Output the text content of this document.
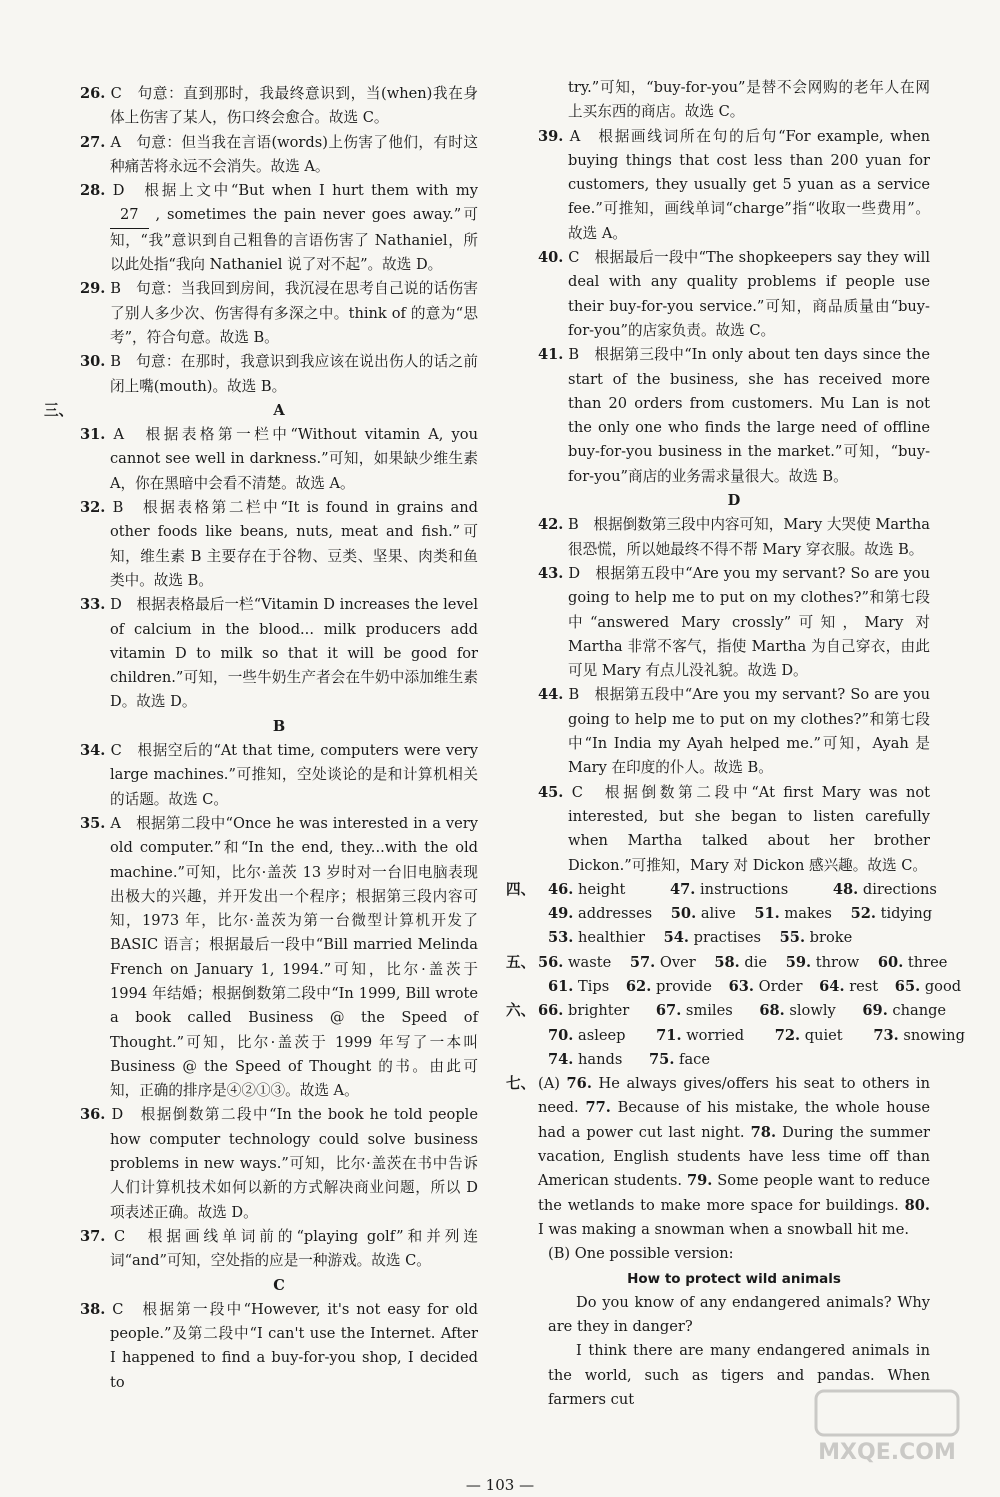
26. C　句意：直到那时，我最终意识到，当(when)我在身体上伤害了某人，伤口终会愈合。故选 C。
27. A　句意：但当我在言语(words)上伤害了他们，有时这种痛苦将永远不会消失。故选 A。
28. D　根据上文中“But when I hurt them with my 27 , sometimes the pain never goes away.”可知，“我”意识到自己粗鲁的言语伤害了 Nathaniel，所以此处指“我向 Nathaniel 说了对不起”。故选 D。
29. B　句意：当我回到房间，我沉浸在思考自己说的话伤害了别人多少次、伤害得有多深之中。think of 的意为“思考”，符合句意。故选 B。
30. B　句意：在那时，我意识到我应该在说出伤人的话之前闭上嘴(mouth)。故选 B。
三、	A
31. A　根据表格第一栏中“Without vitamin A, you cannot see well in darkness.”可知，如果缺少维生素 A，你在黑暗中会看不清楚。故选 A。
32. B　根据表格第二栏中“It is found in grains and other foods like beans, nuts, meat and fish.”可知，维生素 B 主要存在于谷物、豆类、坚果、肉类和鱼类中。故选 B。
33. D　根据表格最后一栏“Vitamin D increases the level of calcium in the blood... milk producers add vitamin D to milk so that it will be good for children.”可知，一些牛奶生产者会在牛奶中添加维生素 D。故选 D。
B
34. C　根据空后的“At that time, computers were very large machines.”可推知，空处谈论的是和计算机相关的话题。故选 C。
35. A　根据第二段中“Once he was interested in a very old computer.”和“In the end, they...with the old machine.”可知，比尔·盖茨 13 岁时对一台旧电脑表现出极大的兴趣，并开发出一个程序；根据第三段内容可知，1973 年，比尔·盖茨为第一台微型计算机开发了 BASIC 语言；根据最后一段中“Bill married Melinda French on January 1, 1994.”可知，比尔·盖茨于 1994 年结婚；根据倒数第二段中“In 1999, Bill wrote a book called Business @ the Speed of Thought.”可知，比尔·盖茨于 1999 年写了一本叫 Business @ the Speed of Thought 的书。由此可知，正确的排序是④②①③。故选 A。
36. D　根据倒数第二段中“In the book he told people how computer technology could solve business problems in new ways.”可知，比尔·盖茨在书中告诉人们计算机技术如何以新的方式解决商业问题，所以 D 项表述正确。故选 D。
37. C　根据画线单词前的“playing golf”和并列连词“and”可知，空处指的应是一种游戏。故选 C。
C
38. C　根据第一段中“However, it's not easy for old people.”及第二段中“I can't use the Internet. After I happened to find a buy-for-you shop, I decided to
try.”可知，“buy-for-you”是替不会网购的老年人在网上买东西的商店。故选 C。
39. A　根据画线词所在句的后句“For example, when buying things that cost less than 200 yuan for customers, they usually get 5 yuan as a service fee.”可推知，画线单词“charge”指“收取一些费用”。故选 A。
40. C　根据最后一段中“The shopkeepers say they will deal with any quality problems if people use their buy-for-you service.”可知，商品质量由“buy-for-you”的店家负责。故选 C。
41. B　根据第三段中“In only about ten days since the start of the business, she has received more than 20 orders from customers. Mu Lan is not the only one who finds the large need of offline buy-for-you business in the market.”可知，“buy-for-you”商店的业务需求量很大。故选 B。
D
42. B　根据倒数第三段中内容可知，Mary 大哭使 Martha 很恐慌，所以她最终不得不帮 Mary 穿衣服。故选 B。
43. D　根据第五段中“Are you my servant? So are you going to help me to put on my clothes?”和第七段中“answered Mary crossly”可知，Mary 对 Martha 非常不客气，指使 Martha 为自己穿衣，由此可见 Mary 有点儿没礼貌。故选 D。
44. B　根据第五段中“Are you my servant? So are you going to help me to put on my clothes?”和第七段中“In India my Ayah helped me.”可知，Ayah 是 Mary 在印度的仆人。故选 B。
45. C　根据倒数第二段中“At first Mary was not interested, but she began to listen carefully when Martha talked about her brother Dickon.”可推知，Mary 对 Dickon 感兴趣。故选 C。
四、 46. height	47. instructions	48. directions
49. addresses 50. alive 51. makes 52. tidying
53. healthier 54. practises 55. broke
五、 56. waste 57. Over 58. die 59. throw 60. three
61. Tips 62. provide 63. Order 64. rest 65. good
六、 66. brighter 67. smiles 68. slowly 69. change
70. asleep 71. worried 72. quiet 73. snowing
74. hands 75. face
七、 (A) 76. He always gives/offers his seat to others in need. 77. Because of his mistake, the whole house had a power cut last night. 78. During the summer vacation, English students have less time off than American students. 79. Some people want to reduce the wetlands to make more space for buildings. 80. I was making a snowman when a snowball hit me.
(B) One possible version:
How to protect wild animals
Do you know of any endangered animals? Why are they in danger?
I think there are many endangered animals in the world, such as tigers and pandas. When farmers cut
— 103 —
MXQE.COM
